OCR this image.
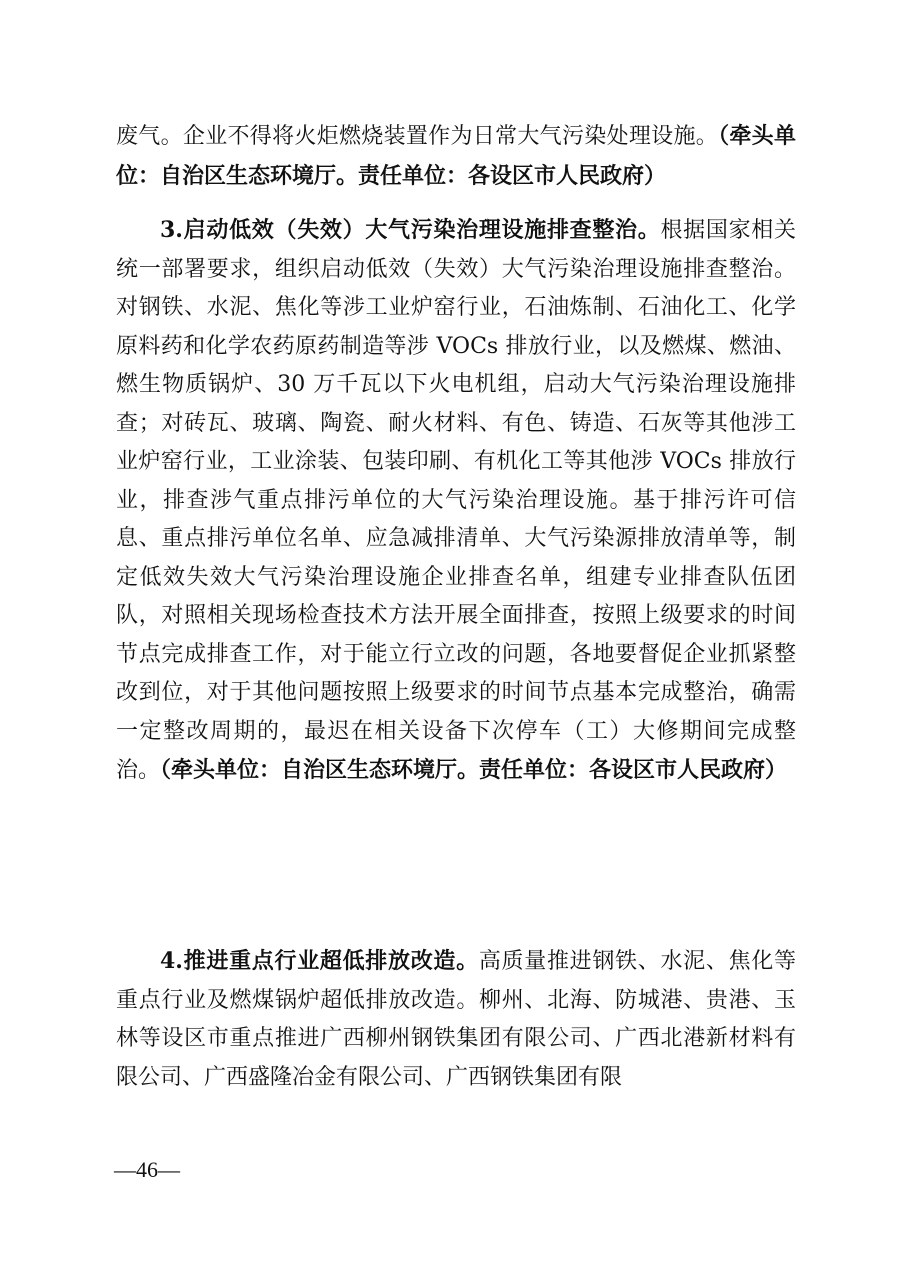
废气。企业不得将火炬燃烧装置作为日常大气污染处理设施。（牵头单位：自治区生态环境厅。责任单位：各设区市人民政府）

3.启动低效（失效）大气污染治理设施排查整治。根据国家相关统一部署要求，组织启动低效（失效）大气污染治理设施排查整治。对钢铁、水泥、焦化等涉工业炉窑行业，石油炼制、石油化工、化学原料药和化学农药原药制造等涉 VOCs 排放行业，以及燃煤、燃油、燃生物质锅炉、30 万千瓦以下火电机组，启动大气污染治理设施排查；对砖瓦、玻璃、陶瓷、耐火材料、有色、铸造、石灰等其他涉工业炉窑行业，工业涂装、包装印刷、有机化工等其他涉 VOCs 排放行业，排查涉气重点排污单位的大气污染治理设施。基于排污许可信息、重点排污单位名单、应急减排清单、大气污染源排放清单等，制定低效失效大气污染治理设施企业排查名单，组建专业排查队伍团队，对照相关现场检查技术方法开展全面排查，按照上级要求的时间节点完成排查工作，对于能立行立改的问题，各地要督促企业抓紧整改到位，对于其他问题按照上级要求的时间节点基本完成整治，确需一定整改周期的，最迟在相关设备下次停车（工）大修期间完成整治。（牵头单位：自治区生态环境厅。责任单位：各设区市人民政府）

4.推进重点行业超低排放改造。高质量推进钢铁、水泥、焦化等重点行业及燃煤锅炉超低排放改造。柳州、北海、防城港、贵港、玉林等设区市重点推进广西柳州钢铁集团有限公司、广西北港新材料有限公司、广西盛隆冶金有限公司、广西钢铁集团有限

—46—
